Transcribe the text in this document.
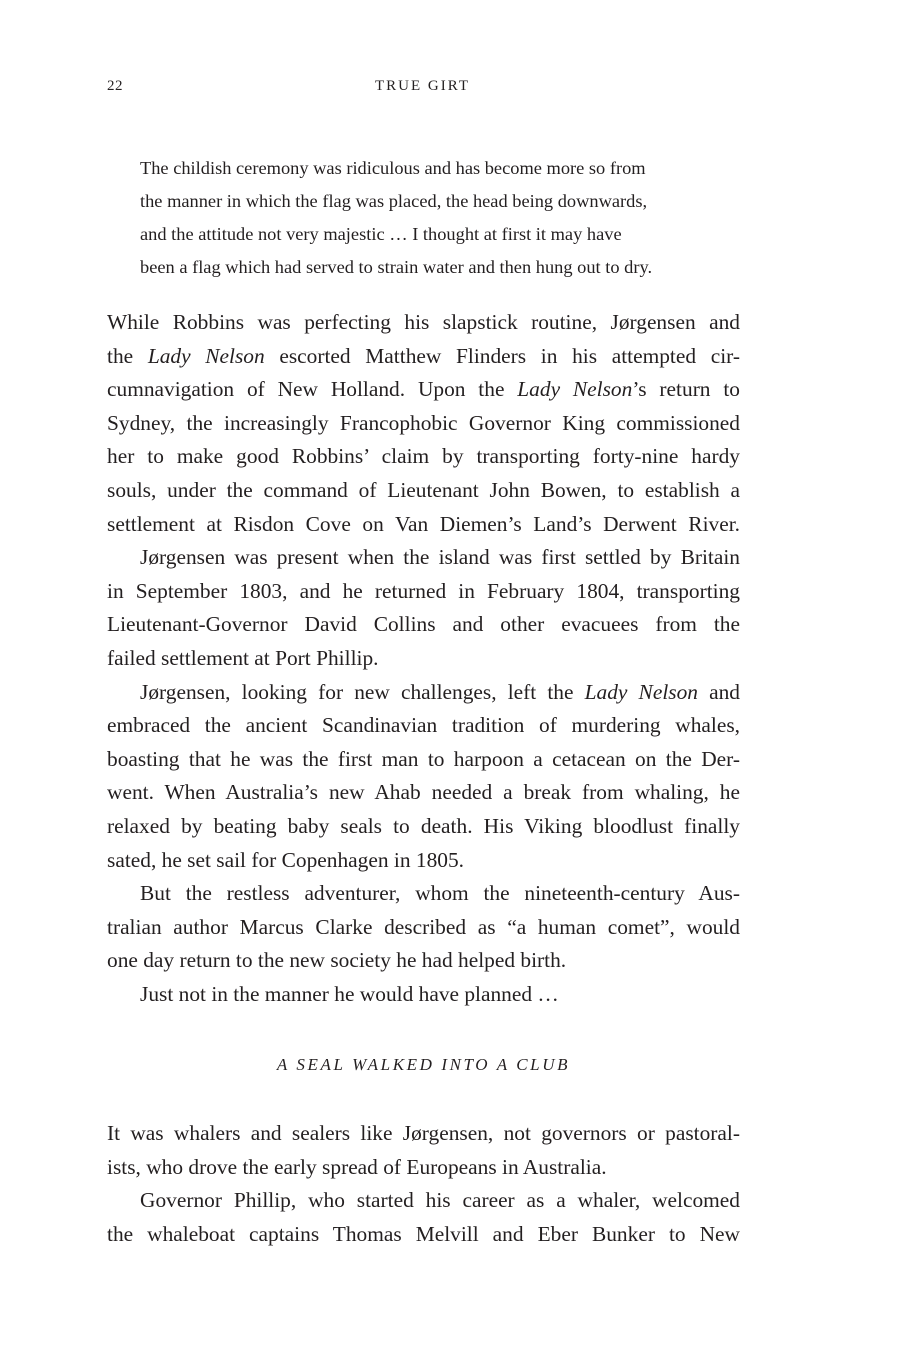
22	TRUE GIRT
The childish ceremony was ridiculous and has become more so from
the manner in which the flag was placed, the head being downwards,
and the attitude not very majestic … I thought at first it may have
been a flag which had served to strain water and then hung out to dry.
While Robbins was perfecting his slapstick routine, Jørgensen and
the Lady Nelson escorted Matthew Flinders in his attempted cir-
cumnavigation of New Holland. Upon the Lady Nelson’s return to
Sydney, the increasingly Francophobic Governor King commissioned
her to make good Robbins’ claim by transporting forty-nine hardy
souls, under the command of Lieutenant John Bowen, to establish a
settlement at Risdon Cove on Van Diemen’s Land’s Derwent River.
Jørgensen was present when the island was first settled by Britain
in September 1803, and he returned in February 1804, transporting
Lieutenant-Governor David Collins and other evacuees from the
failed settlement at Port Phillip.
Jørgensen, looking for new challenges, left the Lady Nelson and
embraced the ancient Scandinavian tradition of murdering whales,
boasting that he was the first man to harpoon a cetacean on the Der-
went. When Australia’s new Ahab needed a break from whaling, he
relaxed by beating baby seals to death. His Viking bloodlust finally
sated, he set sail for Copenhagen in 1805.
But the restless adventurer, whom the nineteenth-century Aus-
tralian author Marcus Clarke described as “a human comet”, would
one day return to the new society he had helped birth.
Just not in the manner he would have planned …
A SEAL WALKED INTO A CLUB
It was whalers and sealers like Jørgensen, not governors or pastoral-
ists, who drove the early spread of Europeans in Australia.
Governor Phillip, who started his career as a whaler, welcomed
the whaleboat captains Thomas Melvill and Eber Bunker to New
